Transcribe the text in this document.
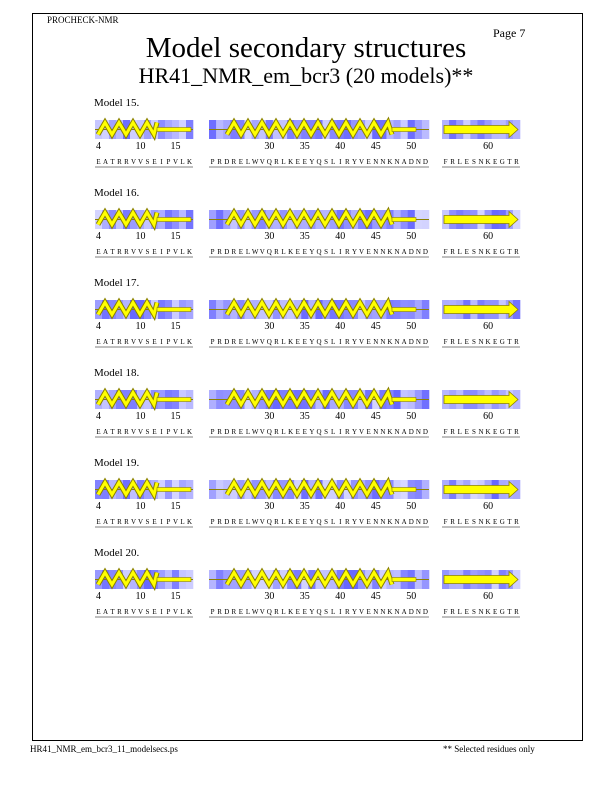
PROCHECK-NMR
Page 7
Model secondary structures
HR41_NMR_em_bcr3 (20 models)**
Model 15.
4	10	15
E A T R R V V S E I P V L K
30	35	40	45	50
P R D R E L W V Q R L K E E Y Q S L I R Y V E N N K N A D N D
60
F R L E S N K E G T R
Model 16.
4	10	15
E A T R R V V S E I P V L K
30	35	40	45	50
P R D R E L W V Q R L K E E Y Q S L I R Y V E N N K N A D N D
60
F R L E S N K E G T R
Model 17.
4	10	15
E A T R R V V S E I P V L K
30	35	40	45	50
P R D R E L W V Q R L K E E Y Q S L I R Y V E N N K N A D N D
60
F R L E S N K E G T R
Model 18.
4	10	15
E A T R R V V S E I P V L K
30	35	40	45	50
P R D R E L W V Q R L K E E Y Q S L I R Y V E N N K N A D N D
60
F R L E S N K E G T R
Model 19.
4	10	15
E A T R R V V S E I P V L K
30	35	40	45	50
P R D R E L W V Q R L K E E Y Q S L I R Y V E N N K N A D N D
60
F R L E S N K E G T R
Model 20.
4	10	15
E A T R R V V S E I P V L K
30	35	40	45	50
P R D R E L W V Q R L K E E Y Q S L I R Y V E N N K N A D N D
60
F R L E S N K E G T R
HR41_NMR_em_bcr3_11_modelsecs.ps	** Selected residues only
